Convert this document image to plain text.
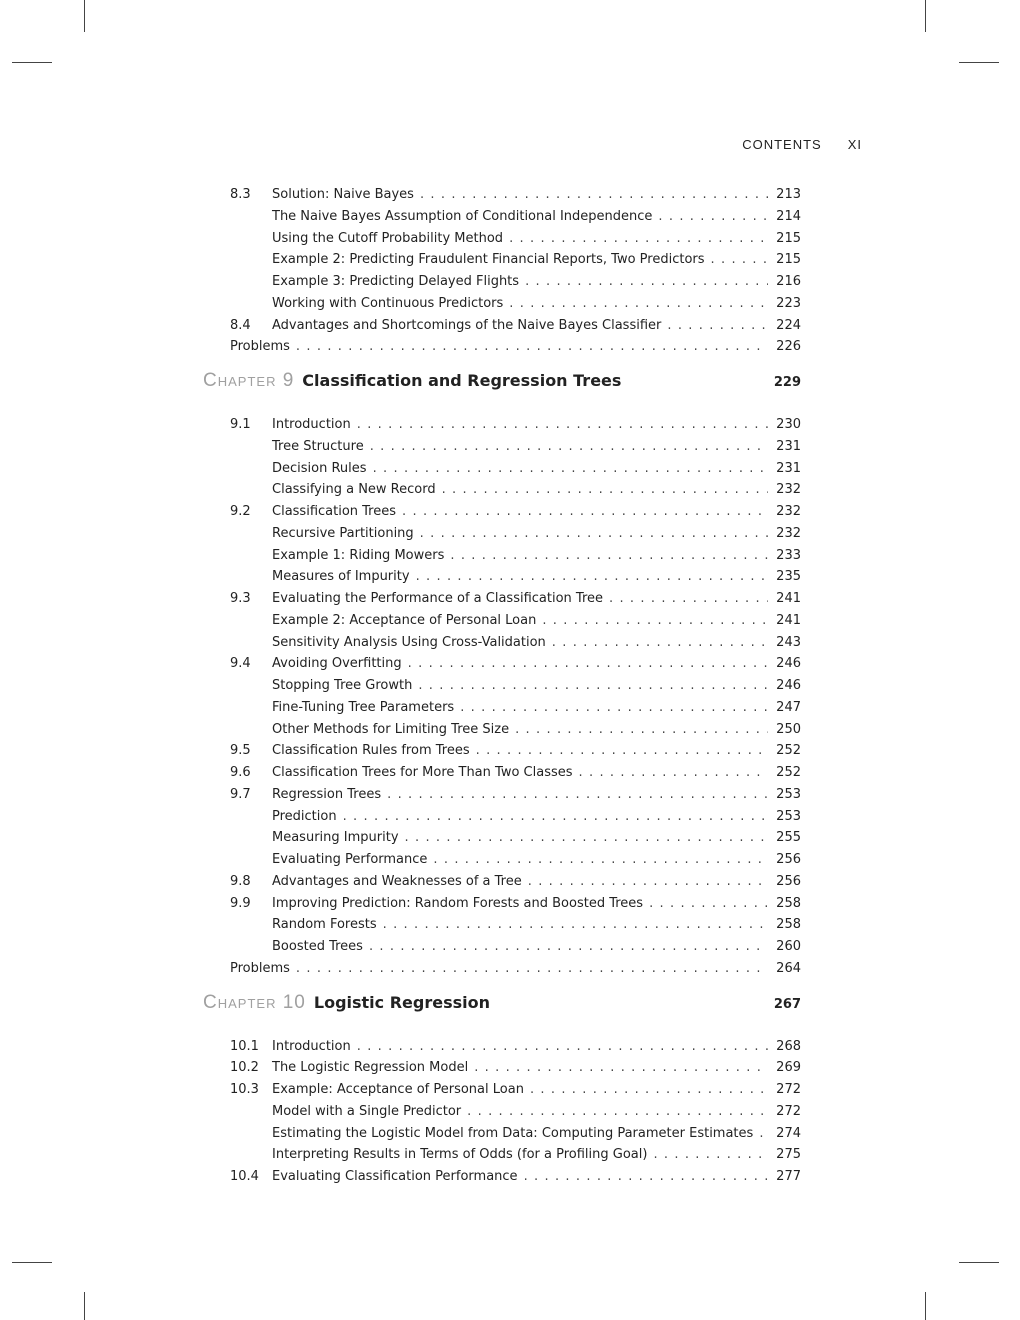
CONTENTS XI
8.3	Solution: Naive Bayes . . .	213
The Naive Bayes Assumption of Conditional Independence . . .	214
Using the Cutoff Probability Method . . .	215
Example 2: Predicting Fraudulent Financial Reports, Two Predictors . . .	215
Example 3: Predicting Delayed Flights . . .	216
Working with Continuous Predictors . . .	223
8.4	Advantages and Shortcomings of the Naive Bayes Classifier . . .	224
Problems . . .	226
Chapter 9 Classification and Regression Trees	229
9.1	Introduction . . .	230
Tree Structure . . .	231
Decision Rules . . .	231
Classifying a New Record . . .	232
9.2	Classification Trees . . .	232
Recursive Partitioning . . .	232
Example 1: Riding Mowers . . .	233
Measures of Impurity . . .	235
9.3	Evaluating the Performance of a Classification Tree . . .	241
Example 2: Acceptance of Personal Loan . . .	241
Sensitivity Analysis Using Cross-Validation . . .	243
9.4	Avoiding Overfitting . . .	246
Stopping Tree Growth . . .	246
Fine-Tuning Tree Parameters . . .	247
Other Methods for Limiting Tree Size . . .	250
9.5	Classification Rules from Trees . . .	252
9.6	Classification Trees for More Than Two Classes . . .	252
9.7	Regression Trees . . .	253
Prediction . . .	253
Measuring Impurity . . .	255
Evaluating Performance . . .	256
9.8	Advantages and Weaknesses of a Tree . . .	256
9.9	Improving Prediction: Random Forests and Boosted Trees . . .	258
Random Forests . . .	258
Boosted Trees . . .	260
Problems . . .	264
Chapter 10 Logistic Regression	267
10.1	Introduction . . .	268
10.2	The Logistic Regression Model . . .	269
10.3	Example: Acceptance of Personal Loan . . .	272
Model with a Single Predictor . . .	272
Estimating the Logistic Model from Data: Computing Parameter Estimates . . .	274
Interpreting Results in Terms of Odds (for a Profiling Goal) . . .	275
10.4	Evaluating Classification Performance . . .	277
